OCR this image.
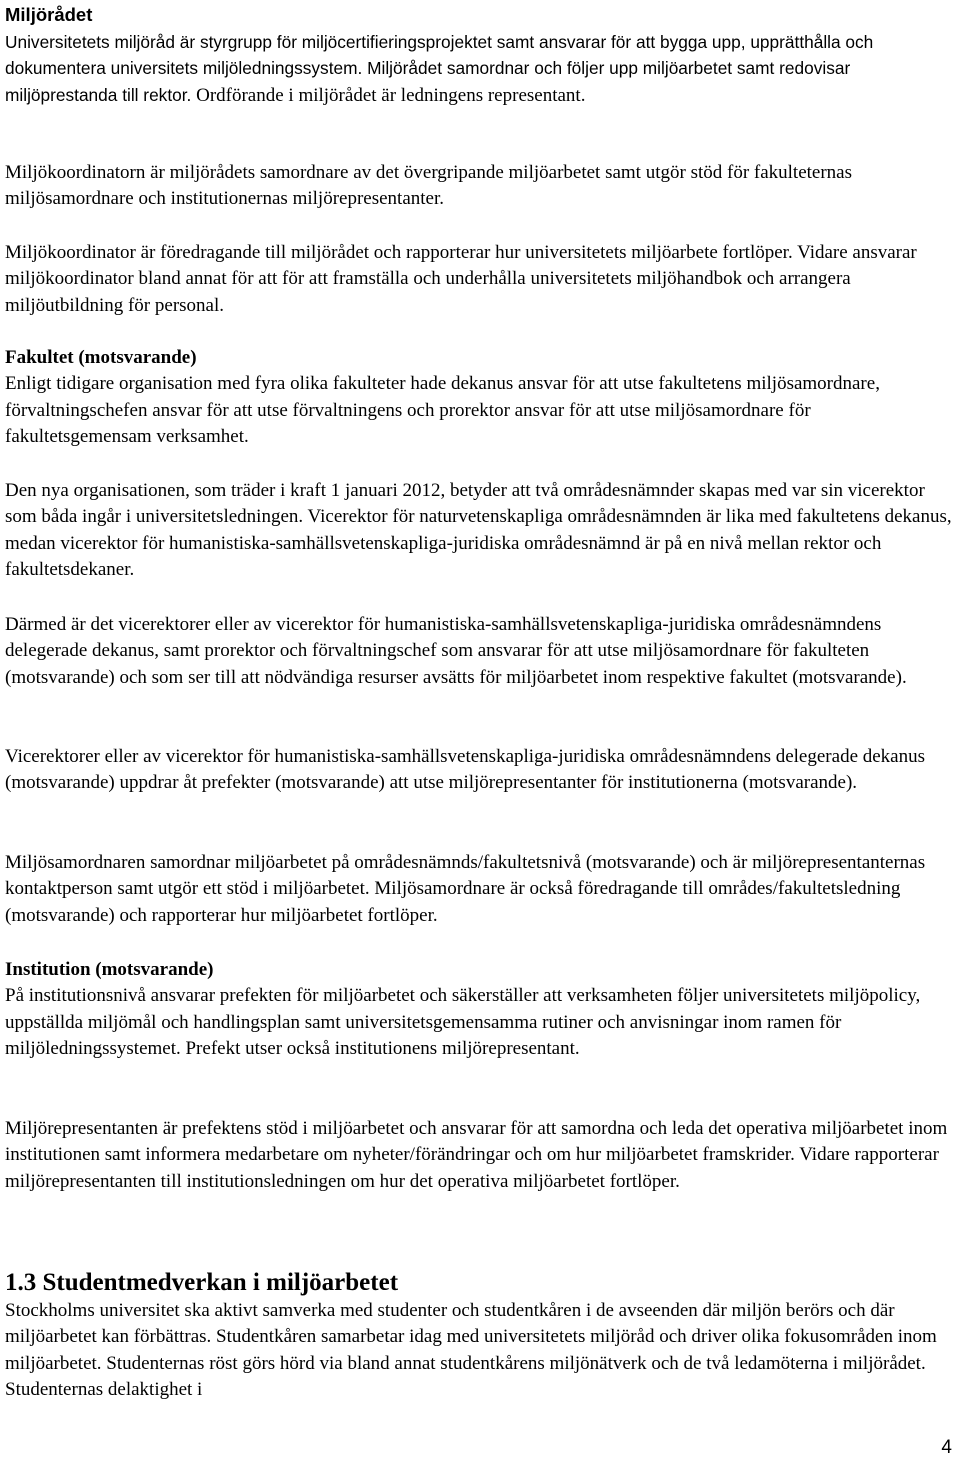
Miljörådet

Universitetets miljöråd är styrgrupp för miljöcertifieringsprojektet samt ansvarar för att bygga upp, upprätthålla och dokumentera universitets miljöledningssystem. Miljörådet samordnar och följer upp miljöarbetet samt redovisar miljöprestanda till rektor. Ordförande i miljörådet är ledningens representant.

Miljökoordinatorn är miljörådets samordnare av det övergripande miljöarbetet samt utgör stöd för fakulteternas miljösamordnare och institutionernas miljörepresentanter.
Miljökoordinator är föredragande till miljörådet och rapporterar hur universitetets miljöarbete fortlöper. Vidare ansvarar miljökoordinator bland annat för att för att framställa och underhålla universitetets miljöhandbok och arrangera miljöutbildning för personal.
Fakultet (motsvarande)

Enligt tidigare organisation med fyra olika fakulteter hade dekanus ansvar för att utse fakultetens miljösamordnare, förvaltningschefen ansvar för att utse förvaltningens och prorektor ansvar för att utse miljösamordnare för fakultetsgemensam verksamhet.

Den nya organisationen, som träder i kraft 1 januari 2012, betyder att två områdesnämnder skapas med var sin vicerektor som båda ingår i universitetsledningen. Vicerektor för naturvetenskapliga områdesnämnden är lika med fakultetens dekanus, medan vicerektor för humanistiska-samhällsvetenskapliga-juridiska områdesnämnd är på en nivå mellan rektor och fakultetsdekaner.
Därmed är det vicerektorer eller av vicerektor för humanistiska-samhällsvetenskapliga-juridiska områdesnämndens delegerade dekanus, samt prorektor och förvaltningschef som ansvarar för att utse miljösamordnare för fakulteten (motsvarande) och som ser till att nödvändiga resurser avsätts för miljöarbetet inom respektive fakultet (motsvarande).
Vicerektorer eller av vicerektor för humanistiska-samhällsvetenskapliga-juridiska områdesnämndens delegerade dekanus (motsvarande) uppdrar åt prefekter (motsvarande) att utse miljörepresentanter för institutionerna (motsvarande).
Miljösamordnaren samordnar miljöarbetet på områdesnämnds/fakultetsnivå (motsvarande) och är miljörepresentanternas kontaktperson samt utgör ett stöd i miljöarbetet. Miljösamordnare är också föredragande till områdes/fakultetsledning (motsvarande) och rapporterar hur miljöarbetet fortlöper.
Institution (motsvarande)

På institutionsnivå ansvarar prefekten för miljöarbetet och säkerställer att verksamheten följer universitetets miljöpolicy, uppställda miljömål och handlingsplan samt universitetsgemensamma rutiner och anvisningar inom ramen för miljöledningssystemet. Prefekt utser också institutionens miljörepresentant.

Miljörepresentanten är prefektens stöd i miljöarbetet och ansvarar för att samordna och leda det operativa miljöarbetet inom institutionen samt informera medarbetare om nyheter/förändringar och om hur miljöarbetet framskrider. Vidare rapporterar miljörepresentanten till institutionsledningen om hur det operativa miljöarbetet fortlöper.
1.3 Studentmedverkan i miljöarbetet

Stockholms universitet ska aktivt samverka med studenter och studentkåren i de avseenden där miljön berörs och där miljöarbetet kan förbättras. Studentkåren samarbetar idag med universitetets miljöråd och driver olika fokusområden inom miljöarbetet. Studenternas röst görs hörd via bland annat studentkårens miljönätverk och de två ledamöterna i miljörådet. Studenternas delaktighet i

4
